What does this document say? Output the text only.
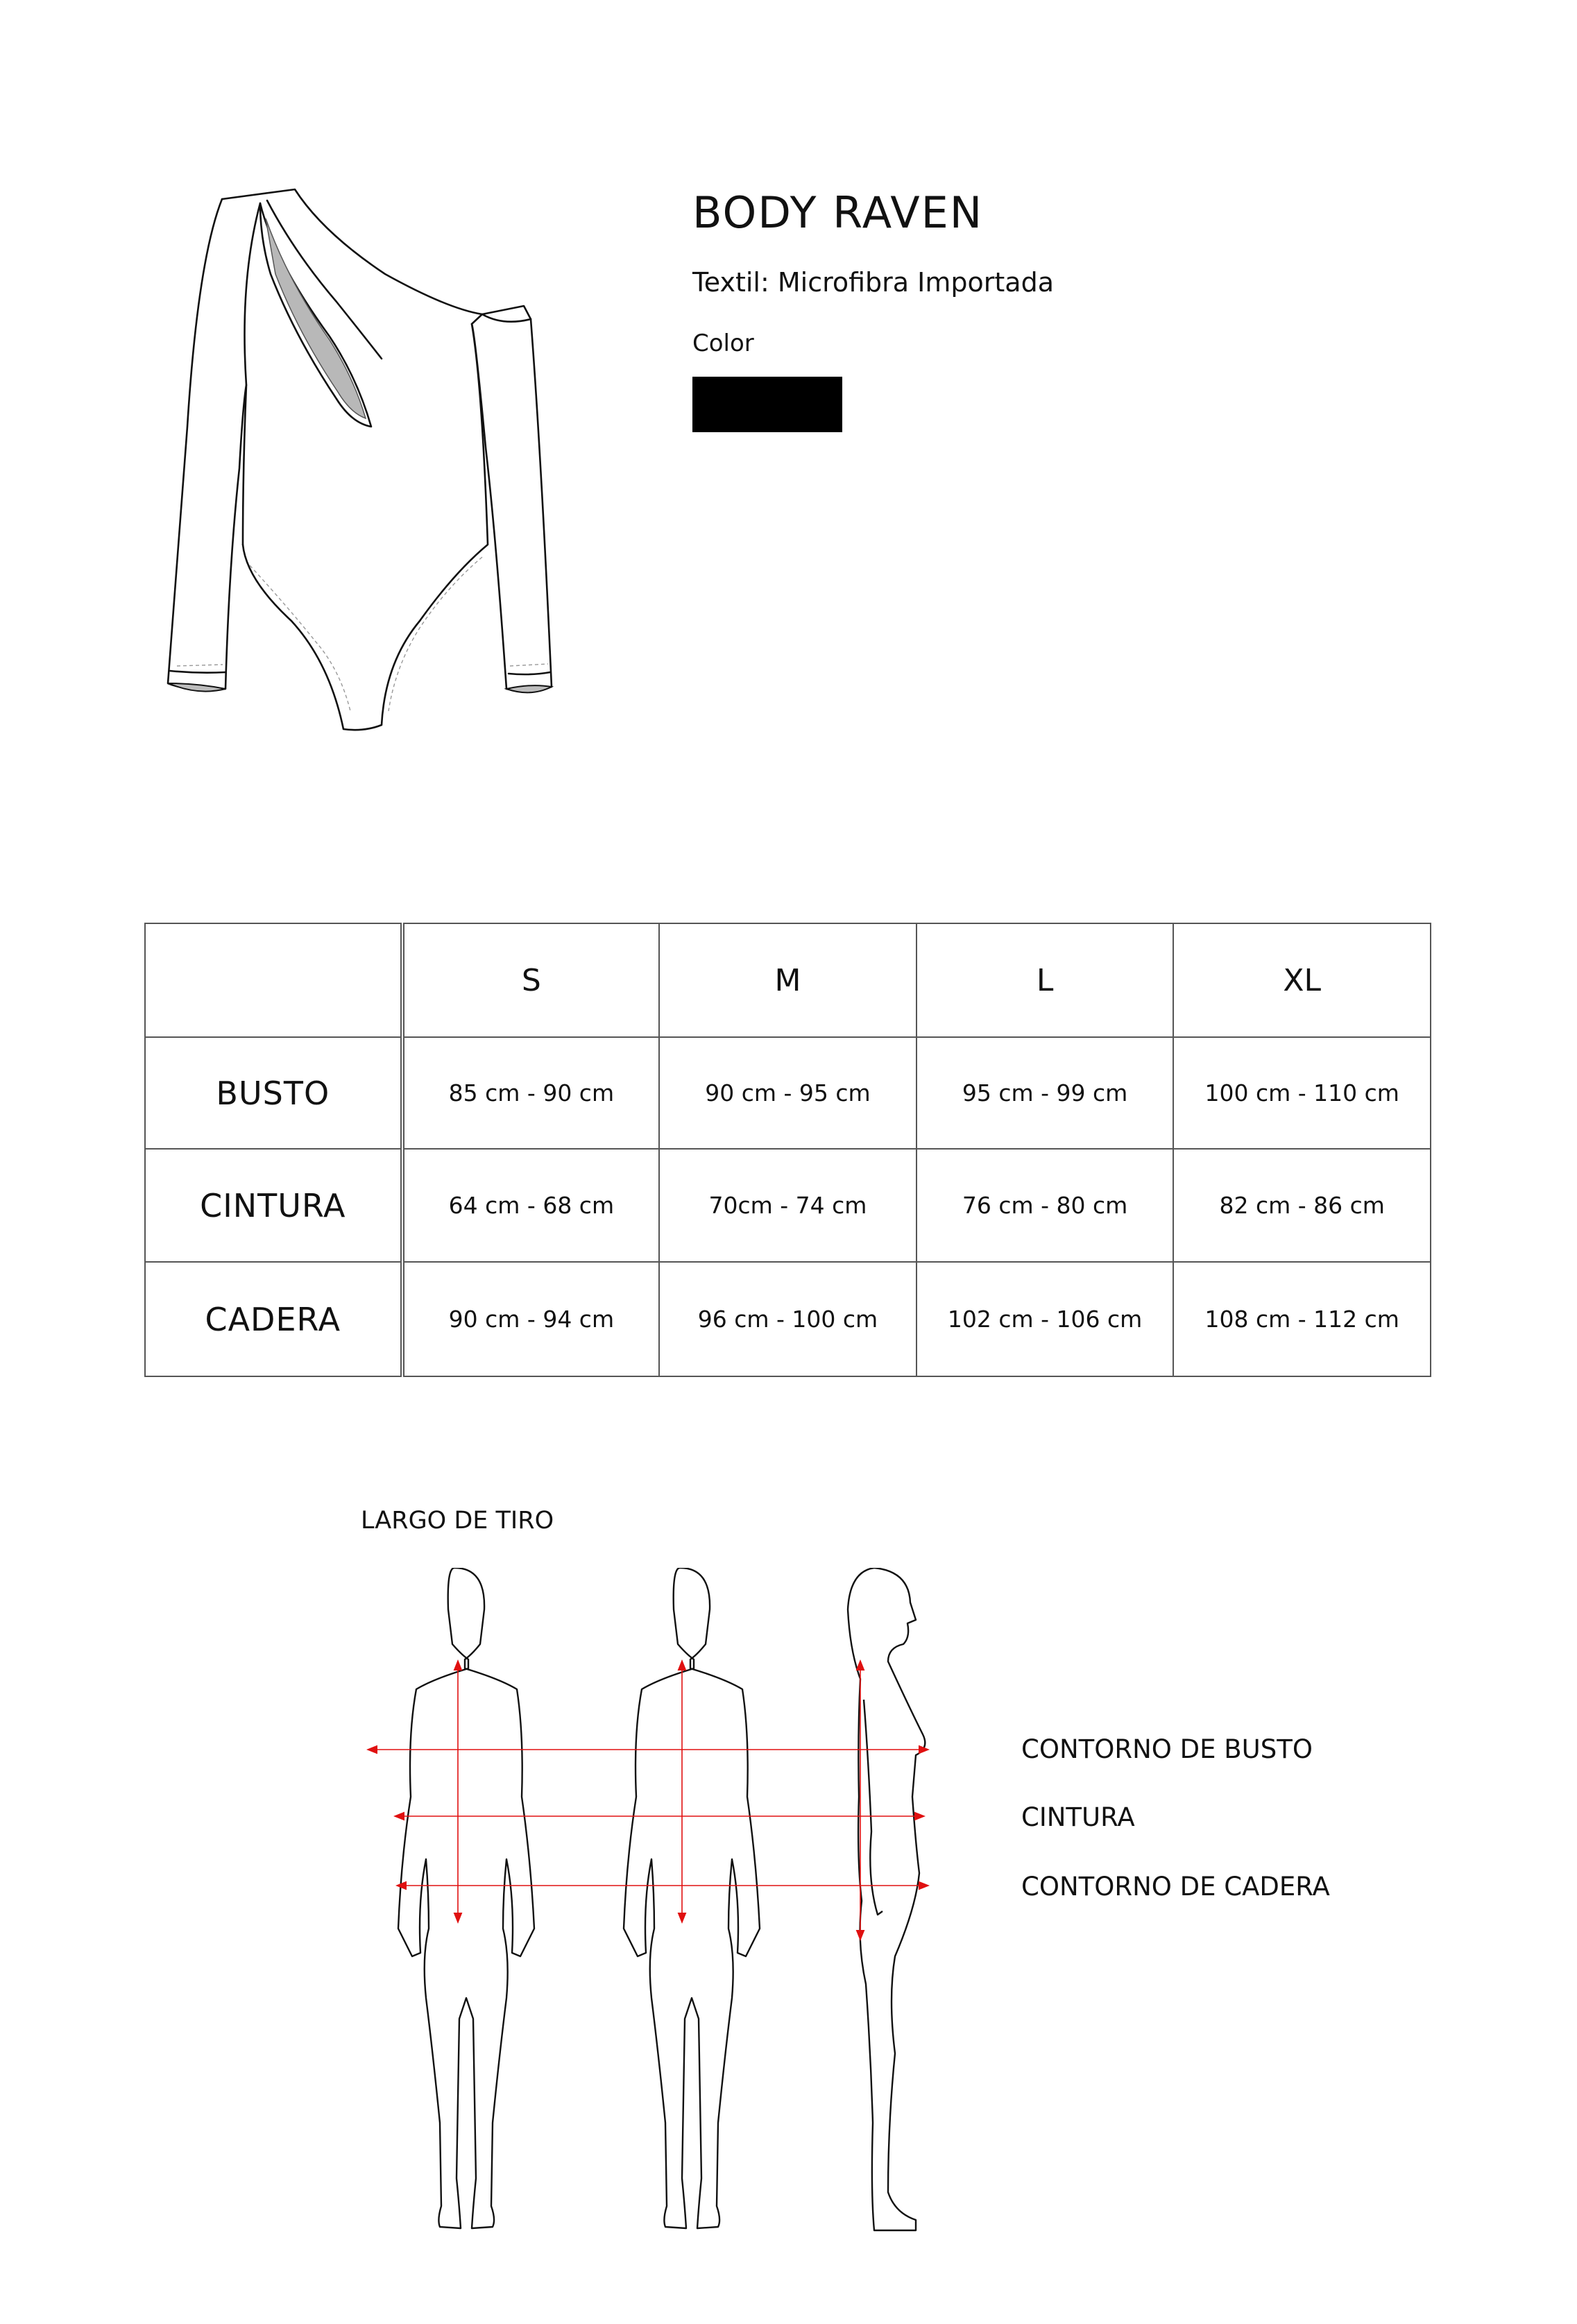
BODY RAVEN
Textil: Microfibra Importada
Color
	S	M	L	XL
BUSTO	85 cm - 90 cm	90 cm - 95 cm	95 cm - 99 cm	100 cm - 110 cm
CINTURA	64 cm - 68 cm	70cm - 74 cm	76 cm - 80 cm	82 cm - 86 cm
CADERA	90 cm - 94 cm	96 cm - 100 cm	102 cm - 106 cm	108 cm - 112 cm
LARGO DE TIRO
CONTORNO DE BUSTO
CINTURA
CONTORNO DE CADERA
